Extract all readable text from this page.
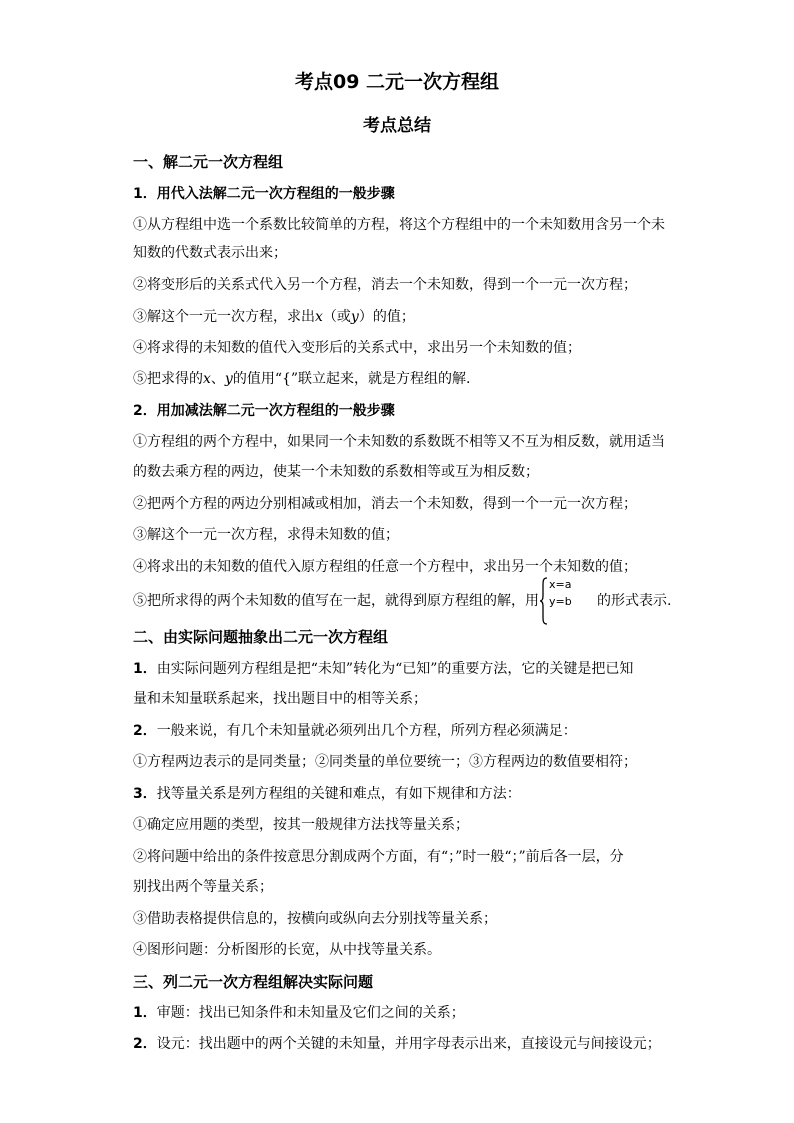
考点09 二元一次方程组
考点总结
一、解二元一次方程组
1．用代入法解二元一次方程组的一般步骤
①从方程组中选一个系数比较简单的方程，将这个方程组中的一个未知数用含另一个未
知数的代数式表示出来；
②将变形后的关系式代入另一个方程，消去一个未知数，得到一个一元一次方程；
③解这个一元一次方程，求出x（或y）的值；
④将求得的未知数的值代入变形后的关系式中，求出另一个未知数的值；
⑤把求得的x、y的值用“{”联立起来，就是方程组的解.
2．用加减法解二元一次方程组的一般步骤
①方程组的两个方程中，如果同一个未知数的系数既不相等又不互为相反数，就用适当
的数去乘方程的两边，使某一个未知数的系数相等或互为相反数；
②把两个方程的两边分别相减或相加，消去一个未知数，得到一个一元一次方程；
③解这个一元一次方程，求得未知数的值；
④将求出的未知数的值代入原方程组的任意一个方程中，求出另一个未知数的值；
⑤把所求得的两个未知数的值写在一起，就得到原方程组的解，用
x=a
y=b 的形式表示.
二、由实际问题抽象出二元一次方程组
1．由实际问题列方程组是把“未知”转化为“已知”的重要方法，它的关键是把已知
量和未知量联系起来，找出题目中的相等关系；
2．一般来说，有几个未知量就必须列出几个方程，所列方程必须满足：
①方程两边表示的是同类量；②同类量的单位要统一；③方程两边的数值要相符；
3．找等量关系是列方程组的关键和难点，有如下规律和方法：
①确定应用题的类型，按其一般规律方法找等量关系；
②将问题中给出的条件按意思分割成两个方面，有“；”时一般“；”前后各一层，分
别找出两个等量关系；
③借助表格提供信息的，按横向或纵向去分别找等量关系；
④图形问题：分析图形的长宽，从中找等量关系。
三、列二元一次方程组解决实际问题
1．审题：找出已知条件和未知量及它们之间的关系；
2．设元：找出题中的两个关键的未知量，并用字母表示出来，直接设元与间接设元；
